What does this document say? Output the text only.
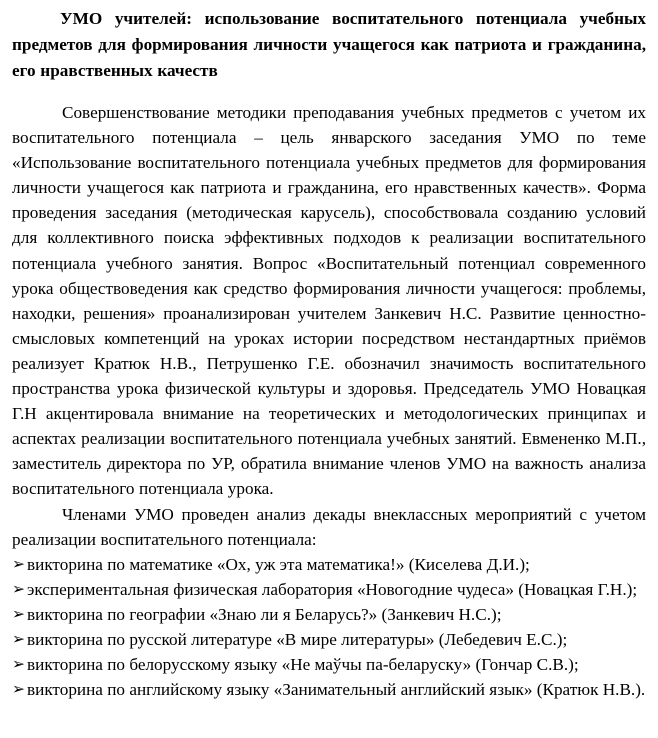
УМО учителей: использование воспитательного потенциала учебных предметов для формирования личности учащегося как патриота и гражданина, его нравственных качеств

Совершенствование методики преподавания учебных предметов с учетом их воспитательного потенциала – цель январского заседания УМО по теме «Использование воспитательного потенциала учебных предметов для формирования личности учащегося как патриота и гражданина, его нравственных качеств». Форма проведения заседания (методическая карусель), способствовала созданию условий для коллективного поиска эффективных подходов к реализации воспитательного потенциала учебного занятия. Вопрос «Воспитательный потенциал современного урока обществоведения как средство формирования личности учащегося: проблемы, находки, решения» проанализирован учителем Занкевич Н.С. Развитие ценностно-смысловых компетенций на уроках истории посредством нестандартных приёмов реализует Кратюк Н.В., Петрушенко Г.Е. обозначил значимость воспитательного пространства урока физической культуры и здоровья. Председатель УМО Новацкая Г.Н акцентировала внимание на теоретических и методологических принципах и аспектах реализации воспитательного потенциала учебных занятий. Евмененко М.П., заместитель директора по УР, обратила внимание членов УМО на важность анализа воспитательного потенциала урока.

Членами УМО проведен анализ декады внеклассных мероприятий с учетом реализации воспитательного потенциала:

➢ викторина по математике «Ох, уж эта математика!» (Киселева Д.И.);
➢ экспериментальная физическая лаборатория «Новогодние чудеса» (Новацкая Г.Н.);
➢ викторина по географии «Знаю ли я Беларусь?» (Занкевич Н.С.);
➢ викторина по русской литературе «В мире литературы» (Лебедевич Е.С.);
➢ викторина по белорусскому языку «Не маўчы па-беларуску» (Гончар С.В.);
➢ викторина по английскому языку «Занимательный английский язык» (Кратюк Н.В.).
